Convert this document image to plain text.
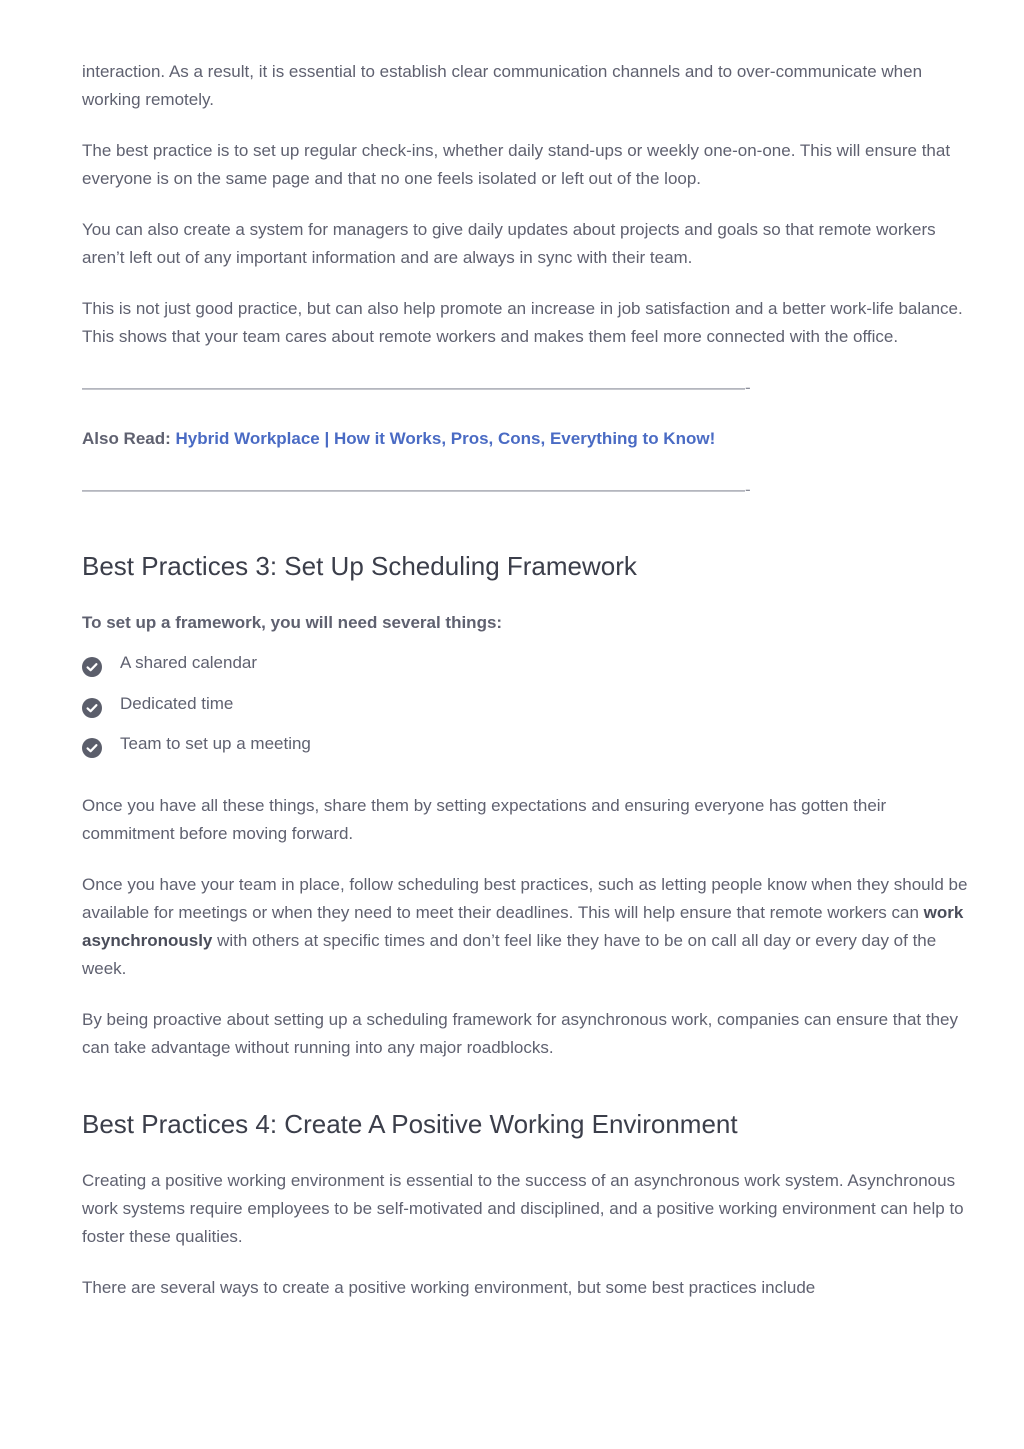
interaction. As a result, it is essential to establish clear communication channels and to over-communicate when working remotely.

The best practice is to set up regular check-ins, whether daily stand-ups or weekly one-on-one. This will ensure that everyone is on the same page and that no one feels isolated or left out of the loop.

You can also create a system for managers to give daily updates about projects and goals so that remote workers aren’t left out of any important information and are always in sync with their team.

This is not just good practice, but can also help promote an increase in job satisfaction and a better work-life balance. This shows that your team cares about remote workers and makes them feel more connected with the office.

———————————————————————————————————————-

Also Read: Hybrid Workplace | How it Works, Pros, Cons, Everything to Know!

———————————————————————————————————————-
Best Practices 3: Set Up Scheduling Framework

To set up a framework, you will need several things:

A shared calendar
Dedicated time
Team to set up a meeting

Once you have all these things, share them by setting expectations and ensuring everyone has gotten their commitment before moving forward.

Once you have your team in place, follow scheduling best practices, such as letting people know when they should be available for meetings or when they need to meet their deadlines. This will help ensure that remote workers can work asynchronously with others at specific times and don’t feel like they have to be on call all day or every day of the week.

By being proactive about setting up a scheduling framework for asynchronous work, companies can ensure that they can take advantage without running into any major roadblocks.

Best Practices 4: Create A Positive Working Environment

Creating a positive working environment is essential to the success of an asynchronous work system. Asynchronous work systems require employees to be self-motivated and disciplined, and a positive working environment can help to foster these qualities.

There are several ways to create a positive working environment, but some best practices include
